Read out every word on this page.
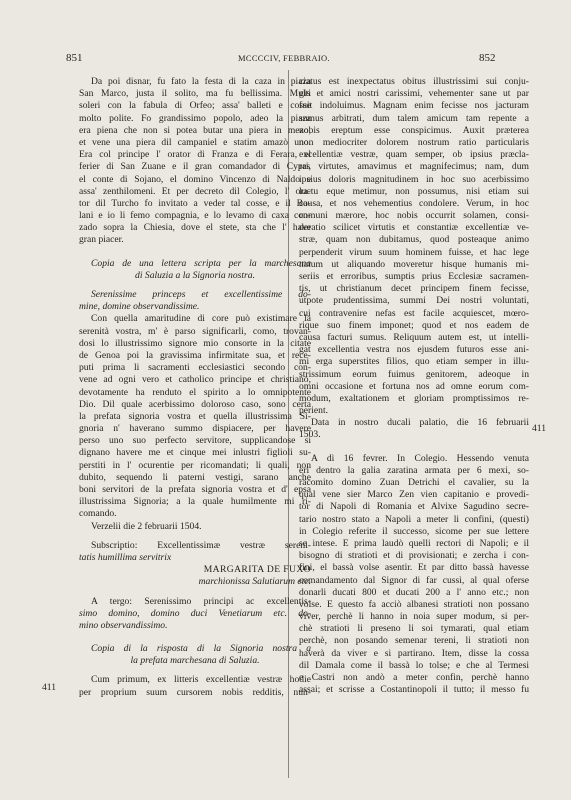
851	MCCCCIV, FEBBRAIO.	852
411
411
Da poi disnar, fu fato la festa di la caza in piaza
San Marco, justa il solito, ma fu bellissima. Multi
soleri con la fabula di Orfeo; assa' balleti e cosse
molto polite. Fo grandissimo popolo, adeo la piaza
era piena che non si potea butar una piera in mezo,
et vene una piera dil campaniel e statim amazò uno.
Era col principe l' orator di Franza e di Ferara, el
ferier di San Zuane e il gran comandador di Cypri,
el conte di Sojano, el domino Vincenzo di Naldo e
assa' zenthilomeni. Et per decreto dil Colegio, l' ora-
tor dil Turcho fo invitato a veder tal cosse, e il Bo-
lani e io li femo compagnia, e lo levamo di caxa con-
zado sopra la Chiesia, dove el stete, sta che l' have
gran piacer.
Copia de una lettera scripta per la marchesana
di Saluzia a la Signoria nostra.
Serenissime princeps et excellentissime do-
mine, domine observandissime.
Con quella amaritudine di core può existimare la
serenità vostra, m' è parso significarli, como, trovan-
dosi lo illustrissimo signore mio consorte in la citate
de Genoa poi la gravissima infirmitate sua, et rece-
puti prima li sacramenti ecclesiastici secondo con-
vene ad ogni vero et catholico principe et christiano,
devotamente ha renduto el spirito a lo omnipotente
Dio. Dil quale acerbissimo doloroso caso, sono certa
la prefata signoria vostra et quella illustrissima Si-
gnoria n' haverano summo dispiacere, per havere
perso uno suo perfecto servitore, supplicandose si
dignano havere me et cinque mei inlustri figlioli su-
perstiti in l' ocurentie per ricomandati; li quali, non
dubito, sequendo li paterni vestigi, sarano anche
boni servitori de la prefata signoria vostra et d' epsa
illustrissima Signoria; a la quale humilmente mi ri-
comando.
Verzelii die 2 februarii 1504.
Subscriptio: Excellentissimæ vestræ sereni-
tatis humillima servitrix
MARGARITA DE FUXO
marchionissa Salutiarum etc.
A tergo: Serenissimo principi ac excellentis-
simo domino, domino duci Venetiarum etc. do-
mino observandissimo.
Copia di la risposta di la Signoria nostra a
la prefata marchesana di Saluzia.
Cum primum, ex litteris excellentiæ vestræ hodie
per proprium suum cursorem nobis redditis, nun-
ciatus est inexpectatus obitus illustrissimi sui conju-
gis et amici nostri carissimi, vehementer sane ut par
fuit indoluimus. Magnam enim fecisse nos jacturam
sumus arbitrati, dum talem amicum tam repente a
nobis ereptum esse conspicimus. Auxit præterea
non mediocriter dolorem nostrum ratio particularis
excellentiæ vestræ, quam semper, ob ipsius præcla-
ras virtutes, amavimus et magnifecimus; nam, dum
ipsius doloris magnitudinem in hoc suo acerbissimo
luctu eque metimur, non possumus, nisi etiam sui
causa, et nos vehementius condolere. Verum, in hoc
comuni mærore, hoc nobis occurrit solamen, consi-
deratio scilicet virtutis et constantiæ excellentiæ ve-
stræ, quam non dubitamus, quod posteaque animo
perpenderit virum suum hominem fuisse, et hac lege
natum ut aliquando moveretur hisque humanis mi-
seriis et erroribus, sumptis prius Ecclesiæ sacramen-
tis, ut christianum decet principem finem fecisse,
utpote prudentissima, summi Dei nostri voluntati,
cui contravenire nefas est facile acquiescet, mœro-
rique suo finem imponet; quod et nos eadem de
causa facturi sumus. Reliquum autem est, ut intelli-
gat excellentia vestra nos ejusdem futuros esse ani-
mi erga superstites filios, quo etiam semper in illu-
strissimum eorum fuimus genitorem, adeoque in
omni occasione et fortuna nos ad omne eorum com-
modum, exaltationem et gloriam promptissimos re-
perient.
Data in nostro ducali palatio, die 16 februarii
1503.
A dì 16 fevrer. In Colegio. Hessendo venuta
eri dentro la galia zaratina armata per 6 mexi, so-
racomito domino Zuan Detrichi el cavalier, su la
qual vene sier Marco Zen vien capitanio e provedi-
tor di Napoli di Romania et Alvixe Sagudino secre-
tario nostro stato a Napoli a meter li confini, (questi)
in Colegio referite il successo, sicome per sue lettere
se intese. E prima laudò quelli rectori di Napoli; e il
bisogno di stratioti et di provisionati; e zercha i con-
fini, el bassà volse asentir. Et par ditto bassà havesse
comandamento dal Signor di far cussì, al qual oferse
donarli ducati 800 et ducati 200 a l' anno etc.; non
volse. E questo fa acciò albanesi stratioti non possano
viver, perchè li hanno in noia super modum, si per-
chè stratioti li preseno li soi tymarati, qual etiam
perchè, non posando semenar tereni, li stratioti non
haverà da viver e si partirano. Item, disse la cossa
dil Damala come il bassà lo tolse; e che al Termesi
e Castri non andò a meter confin, perchè hanno
assai; et scrisse a Costantinopoli il tutto; il messo fu
